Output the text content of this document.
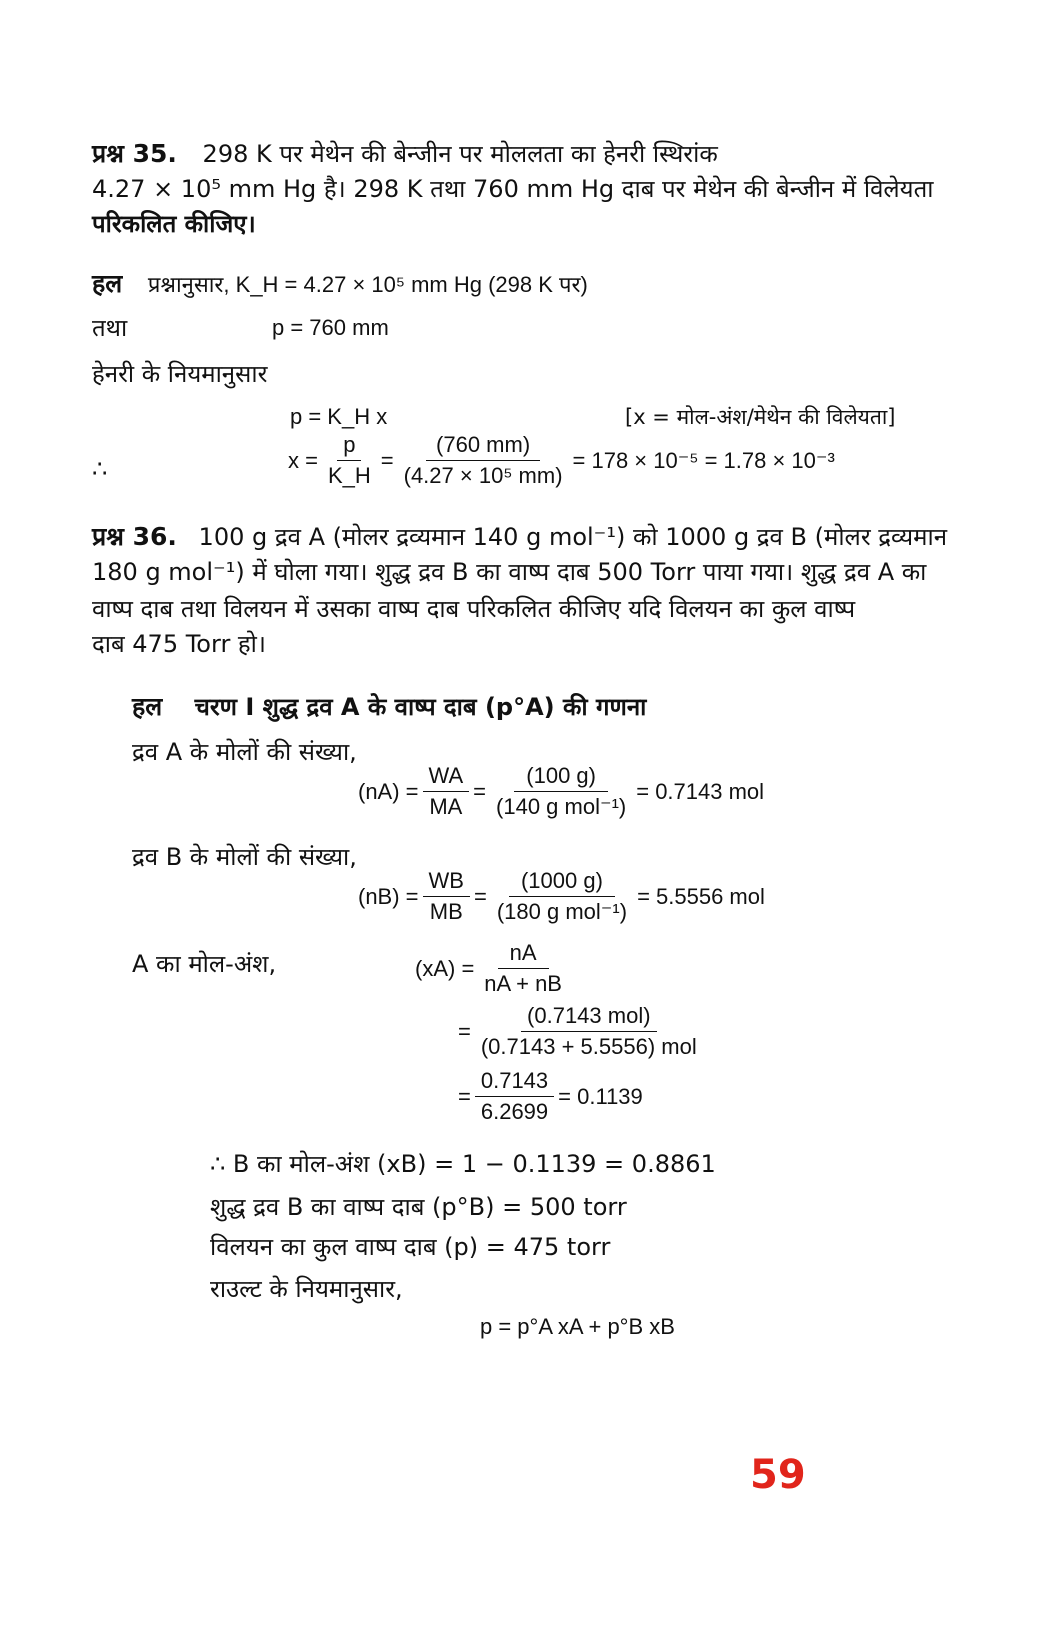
प्रश्न 35. 298 K पर मेथेन की बेन्जीन पर मोललता का हेनरी स्थिरांक
4.27 × 10⁵ mm Hg है। 298 K तथा 760 mm Hg दाब पर मेथेन की बेन्जीन में विलेयता
परिकलित कीजिए।
हल प्रश्नानुसार, K_H = 4.27 × 10⁵ mm Hg (298 K पर)
तथा	p = 760 mm
हेनरी के नियमानुसार
p = K_H x	[x = मोल-अंश/मेथेन की विलेयता]
∴	$x = \frac{p}{K\_H} = \frac{(760 mm)}{\text{(4.27 × 10⁵ mm)}} = 178 \times 10^{-5} = 1.78 \times 10^{-3}$
प्रश्न 36. 100 g द्रव A (मोलर द्रव्यमान 140 g mol⁻¹) को 1000 g द्रव B (मोलर द्रव्यमान
180 g mol⁻¹) में घोला गया। शुद्ध द्रव B का वाष्प दाब 500 Torr पाया गया। शुद्ध द्रव A का
वाष्प दाब तथा विलयन में उसका वाष्प दाब परिकलित कीजिए यदि विलयन का कुल वाष्प
दाब 475 Torr हो।
हल चरण I शुद्ध द्रव A के वाष्प दाब (p°A) की गणना
द्रव A के मोलों की संख्या,
$(nA) = \frac{WA}{MA} = \frac{(100 g)}{\text{(140 g mol⁻¹)}} = 0.7143$ mol
द्रव B के मोलों की संख्या,
$(nB) = \frac{WB}{MB} = \frac{(1000 g)}{\text{(180 g mol⁻¹)}} = 5.5556$ mol
A का मोल-अंश,	$(xA) = \frac{nA}{nA + nB}$
= $\frac{\text{(0.7143 mol)}}{\text{(0.7143 + 5.5556) mol}}$
= $\frac{0.7143}{6.2699} = 0.1139$
∴ B का मोल-अंश (xB) = 1 − 0.1139 = 0.8861
शुद्ध द्रव B का वाष्प दाब (p°B) = 500 torr
विलयन का कुल वाष्प दाब (p) = 475 torr
राउल्ट के नियमानुसार,
p = p°A xA + p°B xB
59
